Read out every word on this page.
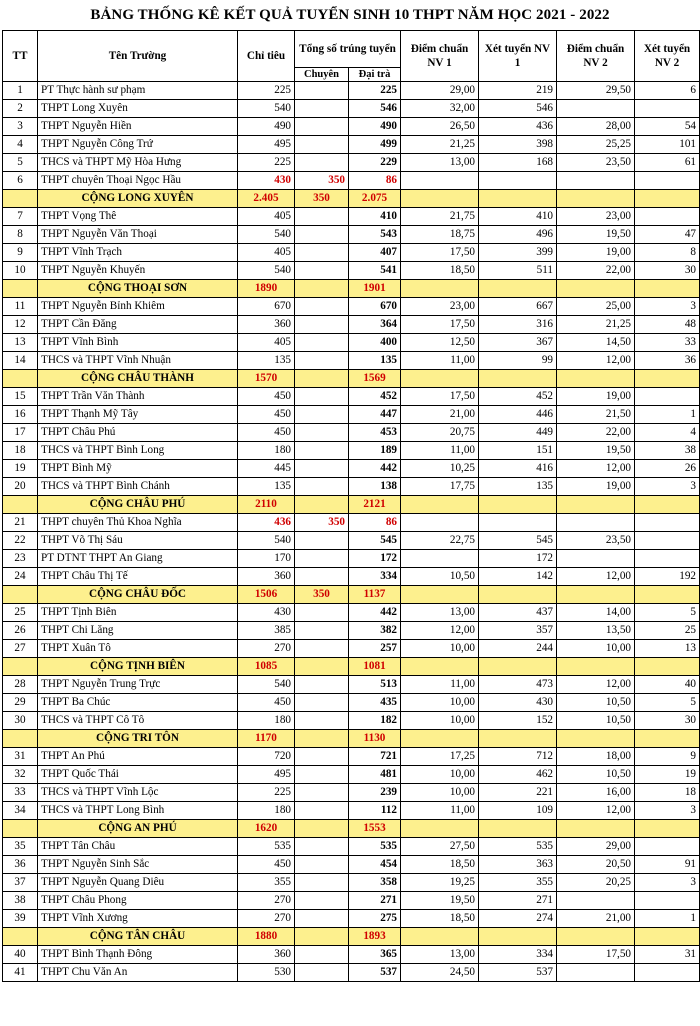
BẢNG THỐNG KÊ KẾT QUẢ TUYỂN SINH 10 THPT NĂM HỌC 2021 - 2022
TT	Tên Trường	Chỉ tiêu	Tổng số trúng tuyển		Điểm chuẩn NV 1	Xét tuyển NV 1	Điểm chuẩn NV 2	Xét tuyển NV 2
			Chuyên	Đại trà				
1	PT Thực hành sư phạm	225		225	29,00	219	29,50	6
2	THPT Long Xuyên	540		546	32,00	546		
3	THPT Nguyễn Hiền	490		490	26,50	436	28,00	54
4	THPT Nguyễn Công Trứ	495		499	21,25	398	25,25	101
5	THCS và THPT Mỹ Hòa Hưng	225		229	13,00	168	23,50	61
6	THPT chuyên Thoại Ngọc Hầu	430	350	86				
	CỘNG LONG XUYÊN	2.405	350	2.075				
7	THPT Vọng Thê	405		410	21,75	410	23,00	
8	THPT Nguyễn Văn Thoại	540		543	18,75	496	19,50	47
9	THPT Vĩnh Trạch	405		407	17,50	399	19,00	8
10	THPT Nguyễn Khuyến	540		541	18,50	511	22,00	30
	CỘNG THOẠI SƠN	1890		1901				
11	THPT Nguyễn Bỉnh Khiêm	670		670	23,00	667	25,00	3
12	THPT Cần Đăng	360		364	17,50	316	21,25	48
13	THPT Vĩnh Bình	405		400	12,50	367	14,50	33
14	THCS và THPT Vĩnh Nhuận	135		135	11,00	99	12,00	36
	CỘNG CHÂU THÀNH	1570		1569				
15	THPT Trần Văn Thành	450		452	17,50	452	19,00	
16	THPT Thạnh Mỹ Tây	450		447	21,00	446	21,50	1
17	THPT Châu Phú	450		453	20,75	449	22,00	4
18	THCS và THPT Bình Long	180		189	11,00	151	19,50	38
19	THPT Bình Mỹ	445		442	10,25	416	12,00	26
20	THCS và THPT Bình Chánh	135		138	17,75	135	19,00	3
	CỘNG CHÂU PHÚ	2110		2121				
21	THPT chuyên Thủ Khoa Nghĩa	436	350	86				
22	THPT Võ Thị Sáu	540		545	22,75	545	23,50	
23	PT DTNT THPT An Giang	170		172		172		
24	THPT Châu Thị Tế	360		334	10,50	142	12,00	192
	CỘNG CHÂU ĐỐC	1506	350	1137				
25	THPT Tịnh Biên	430		442	13,00	437	14,00	5
26	THPT Chi Lăng	385		382	12,00	357	13,50	25
27	THPT Xuân Tô	270		257	10,00	244	10,00	13
	CỘNG TỊNH BIÊN	1085		1081				
28	THPT Nguyễn Trung Trực	540		513	11,00	473	12,00	40
29	THPT Ba Chúc	450		435	10,00	430	10,50	5
30	THCS và THPT Cô Tô	180		182	10,00	152	10,50	30
	CỘNG TRI TÔN	1170		1130				
31	THPT An Phú	720		721	17,25	712	18,00	9
32	THPT Quốc Thái	495		481	10,00	462	10,50	19
33	THCS và THPT Vĩnh Lộc	225		239	10,00	221	16,00	18
34	THCS và THPT Long Bình	180		112	11,00	109	12,00	3
	CỘNG AN PHÚ	1620		1553				
35	THPT Tân Châu	535		535	27,50	535	29,00	
36	THPT Nguyễn Sinh Sắc	450		454	18,50	363	20,50	91
37	THPT Nguyễn Quang Diêu	355		358	19,25	355	20,25	3
38	THPT Châu Phong	270		271	19,50	271		
39	THPT Vĩnh Xương	270		275	18,50	274	21,00	1
	CỘNG TÂN CHÂU	1880		1893				
40	THPT Bình Thạnh Đông	360		365	13,00	334	17,50	31
41	THPT Chu Văn An	530		537	24,50	537		
